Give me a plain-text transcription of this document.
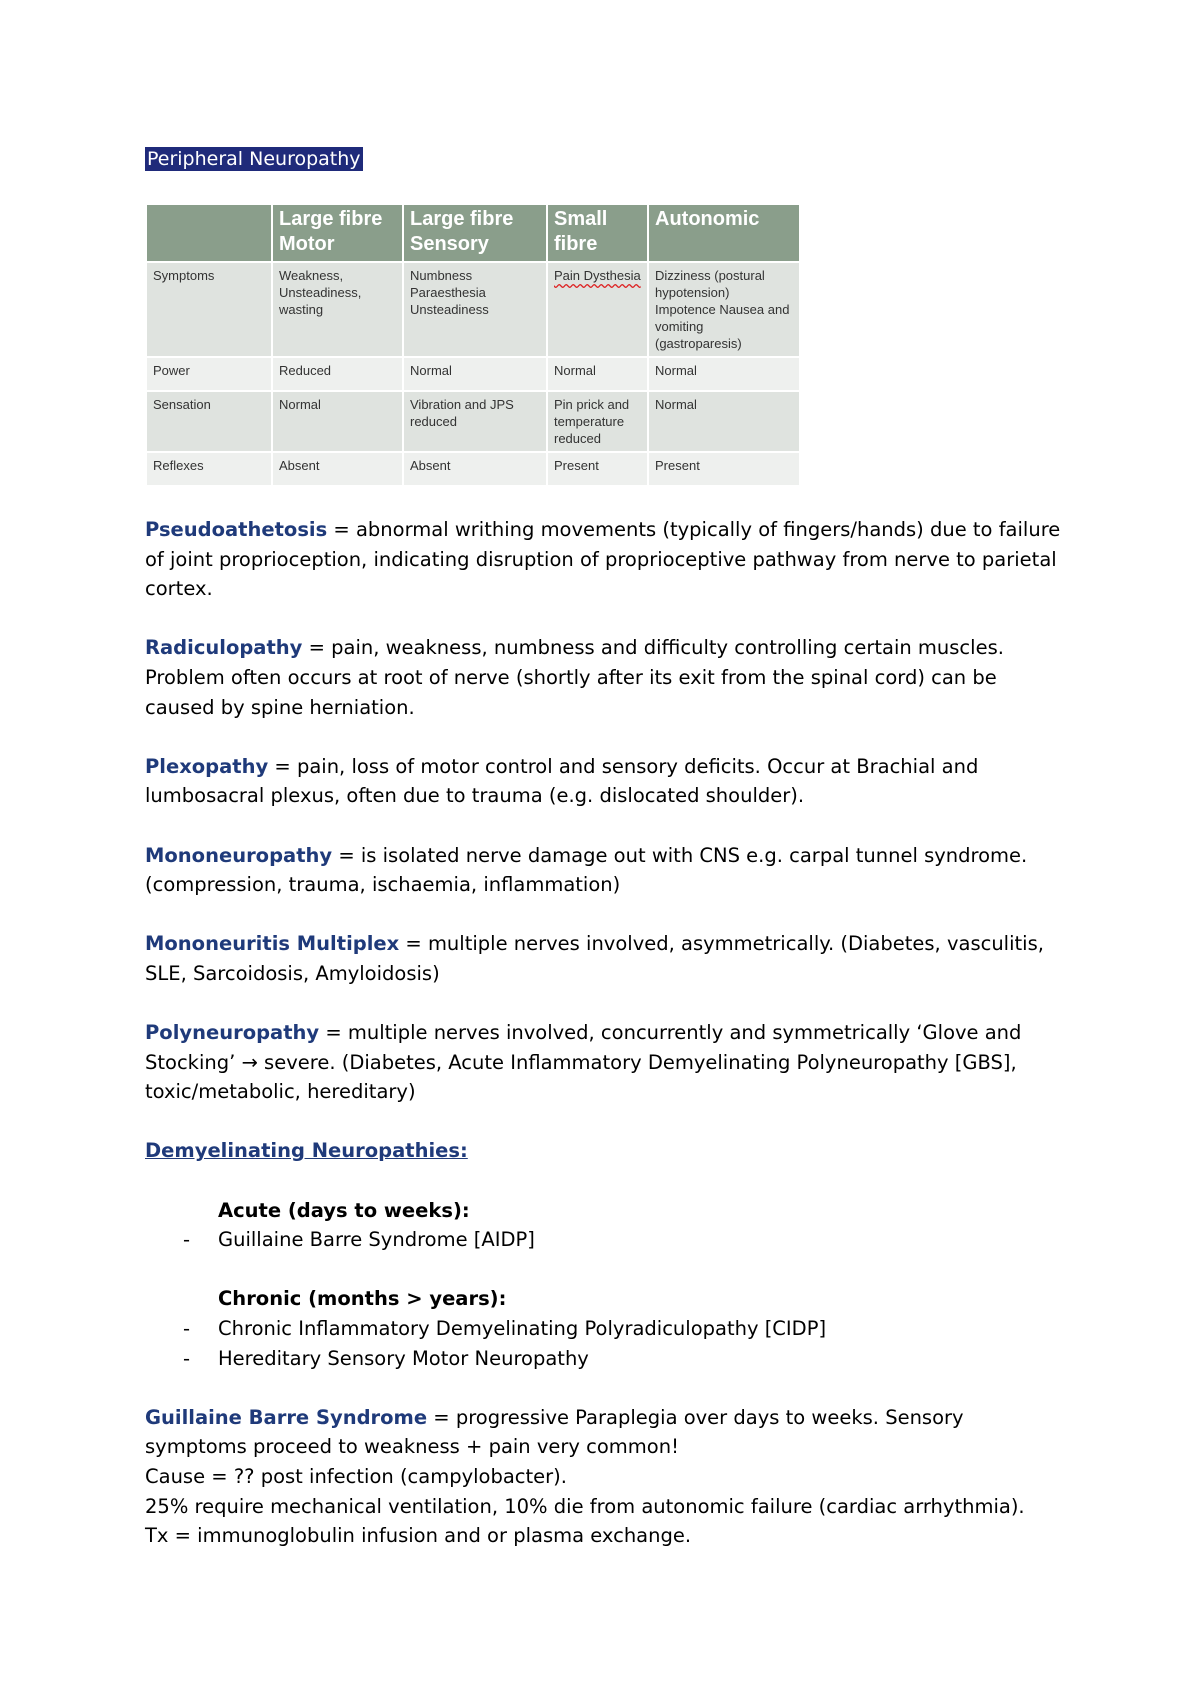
Peripheral Neuropathy
	Large fibre Motor	Large fibre Sensory	Small fibre	Autonomic
Symptoms	Weakness, Unsteadiness, wasting	Numbness Paraesthesia Unsteadiness	Pain Dysthesia	Dizziness (postural hypotension) Impotence Nausea and vomiting (gastroparesis)
Power	Reduced	Normal	Normal	Normal
Sensation	Normal	Vibration and JPS reduced	Pin prick and temperature reduced	Normal
Reflexes	Absent	Absent	Present	Present

Pseudoathetosis = abnormal writhing movements (typically of fingers/hands) due to failure of joint proprioception, indicating disruption of proprioceptive pathway from nerve to parietal cortex.

Radiculopathy = pain, weakness, numbness and difficulty controlling certain muscles. Problem often occurs at root of nerve (shortly after its exit from the spinal cord) can be caused by spine herniation.

Plexopathy = pain, loss of motor control and sensory deficits. Occur at Brachial and lumbosacral plexus, often due to trauma (e.g. dislocated shoulder).

Mononeuropathy = is isolated nerve damage out with CNS e.g. carpal tunnel syndrome. (compression, trauma, ischaemia, inflammation)

Mononeuritis Multiplex = multiple nerves involved, asymmetrically. (Diabetes, vasculitis, SLE, Sarcoidosis, Amyloidosis)

Polyneuropathy = multiple nerves involved, concurrently and symmetrically ‘Glove and Stocking’ → severe. (Diabetes, Acute Inflammatory Demyelinating Polyneuropathy [GBS], toxic/metabolic, hereditary)

Demyelinating Neuropathies:

Acute (days to weeks):
-	Guillaine Barre Syndrome [AIDP]
Chronic (months > years):
-	Chronic Inflammatory Demyelinating Polyradiculopathy [CIDP]
-	Hereditary Sensory Motor Neuropathy
Guillaine Barre Syndrome = progressive Paraplegia over days to weeks. Sensory symptoms proceed to weakness + pain very common!
Cause = ?? post infection (campylobacter).
25% require mechanical ventilation, 10% die from autonomic failure (cardiac arrhythmia).
Tx = immunoglobulin infusion and or plasma exchange.
